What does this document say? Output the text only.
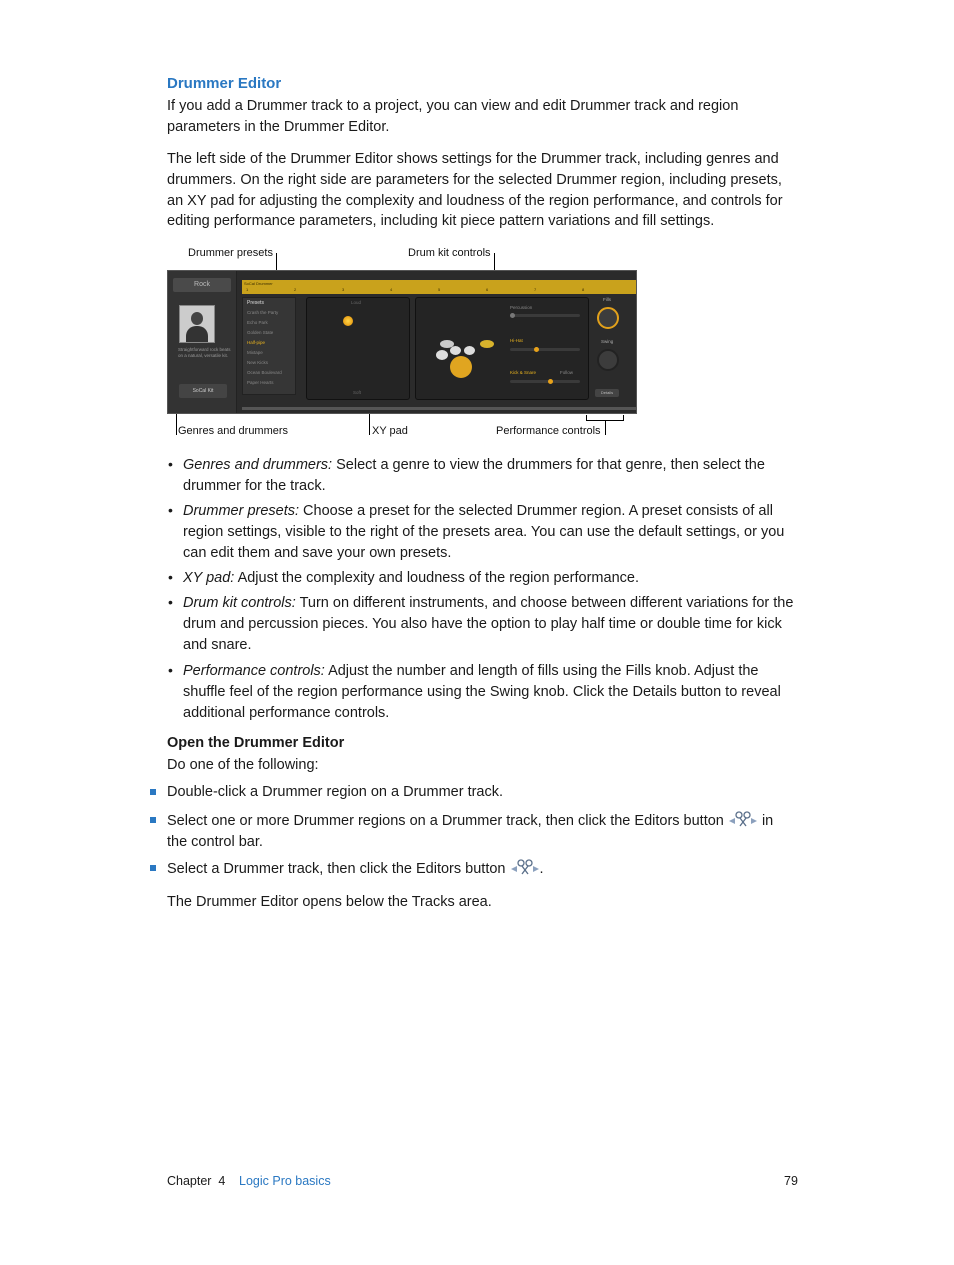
Drummer Editor
If you add a Drummer track to a project, you can view and edit Drummer track and region parameters in the Drummer Editor.
The left side of the Drummer Editor shows settings for the Drummer track, including genres and drummers. On the right side are parameters for the selected Drummer region, including presets, an XY pad for adjusting the complexity and loudness of the region performance, and controls for editing performance parameters, including kit piece pattern variations and fill settings.
Drummer presets	Drum kit controls
Genres and drummers	XY pad	Performance controls
Rock
Straightforward rock beats on a natural, versatile kit.
SoCal Kit
SoCal Drummer
1	2	3	4	5	6	7	8
Presets
Crash the Party
Echo Park
Golden State
Half-pipe
Mixtape
New Kicks
Ocean Boulevard
Paper Hearts
Loud
Soft
Percussion
Hi-Hat
Kick & Snare	Follow
Fills
Swing
Details
• Genres and drummers: Select a genre to view the drummers for that genre, then select the drummer for the track.
• Drummer presets: Choose a preset for the selected Drummer region. A preset consists of all region settings, visible to the right of the presets area. You can use the default settings, or you can edit them and save your own presets.
• XY pad: Adjust the complexity and loudness of the region performance.
• Drum kit controls: Turn on different instruments, and choose between different variations for the drum and percussion pieces. You also have the option to play half time or double time for kick and snare.
• Performance controls: Adjust the number and length of fills using the Fills knob. Adjust the shuffle feel of the region performance using the Swing knob. Click the Details button to reveal additional performance controls.
Open the Drummer Editor
Do one of the following:
Double-click a Drummer region on a Drummer track.
Select one or more Drummer regions on a Drummer track, then click the Editors button	in the control bar.
Select a Drummer track, then click the Editors button .
The Drummer Editor opens below the Tracks area.
Chapter  4 Logic Pro basics	79
